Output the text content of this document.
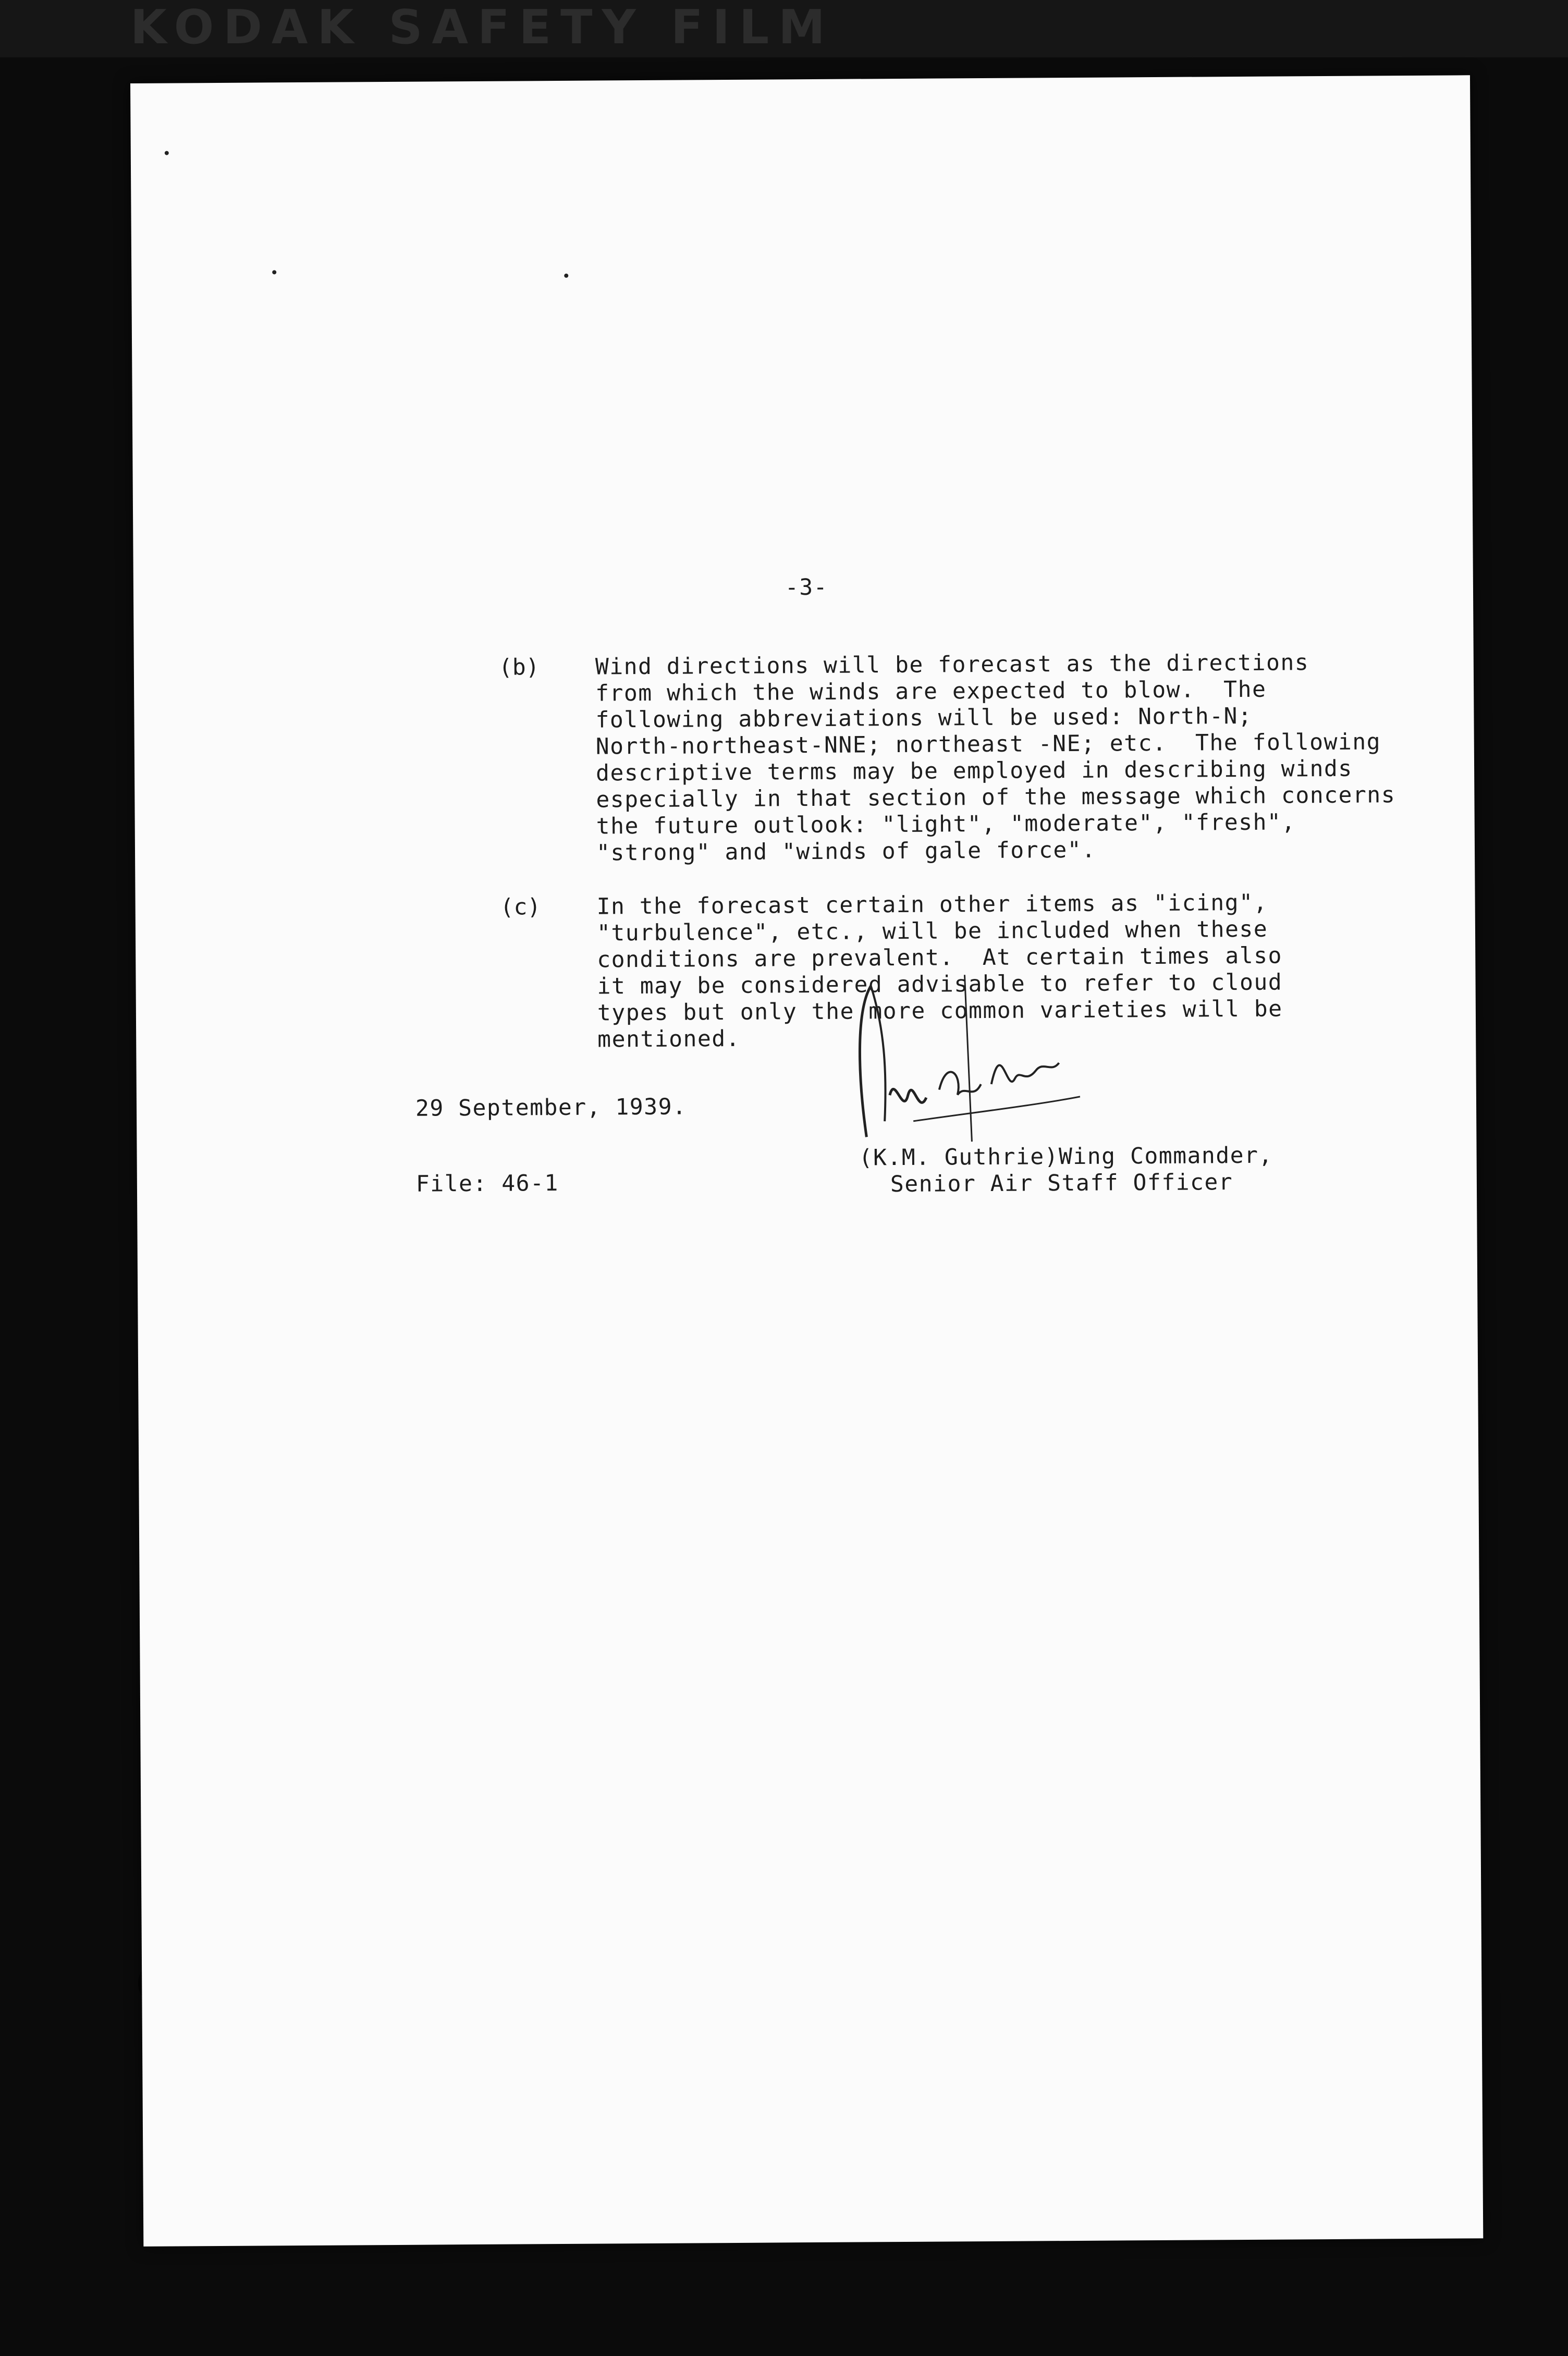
KODAK SAFETY FILM
-3-
(b) Wind directions will be forecast as the directions
from which the winds are expected to blow.  The
following abbreviations will be used: North-N;
North-northeast-NNE; northeast -NE; etc.  The following
descriptive terms may be employed in describing winds
especially in that section of the message which concerns
the future outlook: "light", "moderate", "fresh",
"strong" and "winds of gale force".
(c) In the forecast certain other items as "icing",
"turbulence", etc., will be included when these
conditions are prevalent.  At certain times also
it may be considered advisable to refer to cloud
types but only the more common varieties will be
mentioned.
29 September, 1939.
File: 46-1
(K.M. Guthrie)Wing Commander,
Senior Air Staff Officer
